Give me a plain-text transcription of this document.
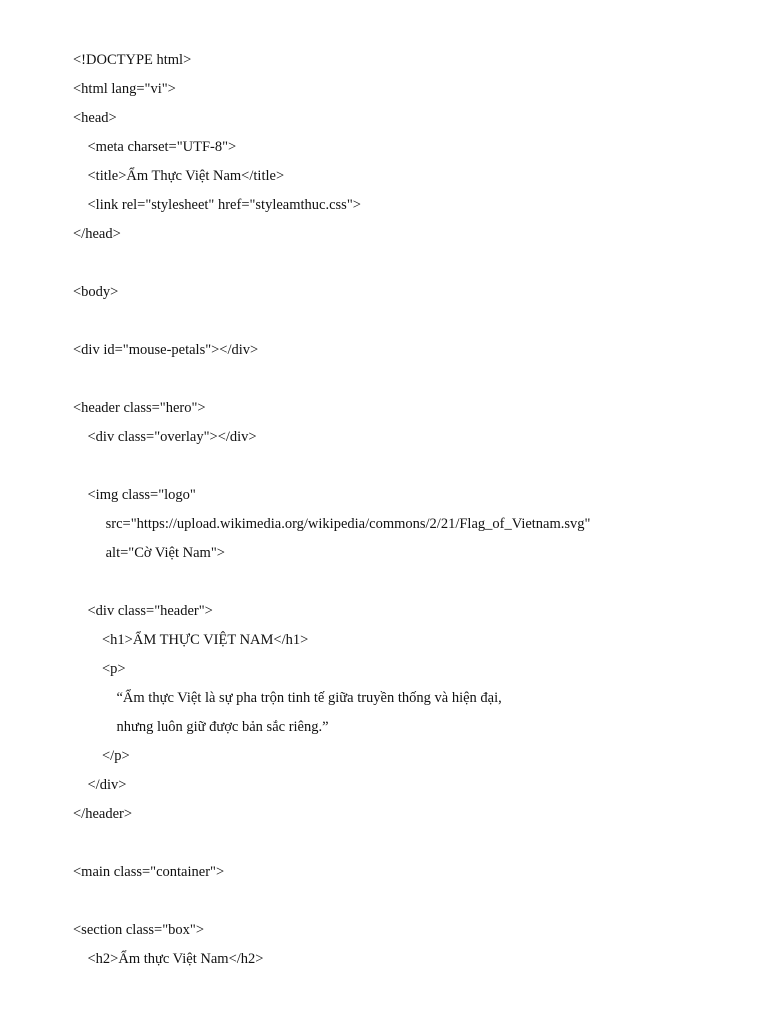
<!DOCTYPE html>
<html lang="vi">
<head>
<meta charset="UTF-8">
<title>Ẩm Thực Việt Nam</title>
<link rel="stylesheet" href="styleamthuc.css">
</head>
<body>
<div id="mouse-petals"></div>
<header class="hero">
<div class="overlay"></div>
<img class="logo"
src="https://upload.wikimedia.org/wikipedia/commons/2/21/Flag_of_Vietnam.svg"
alt="Cờ Việt Nam">
<div class="header">
<h1>ẨM THỰC VIỆT NAM</h1>
<p>
“Ẩm thực Việt là sự pha trộn tinh tế giữa truyền thống và hiện đại,
nhưng luôn giữ được bản sắc riêng.”
</p>
</div>
</header>
<main class="container">
<section class="box">
<h2>Ẩm thực Việt Nam</h2>
